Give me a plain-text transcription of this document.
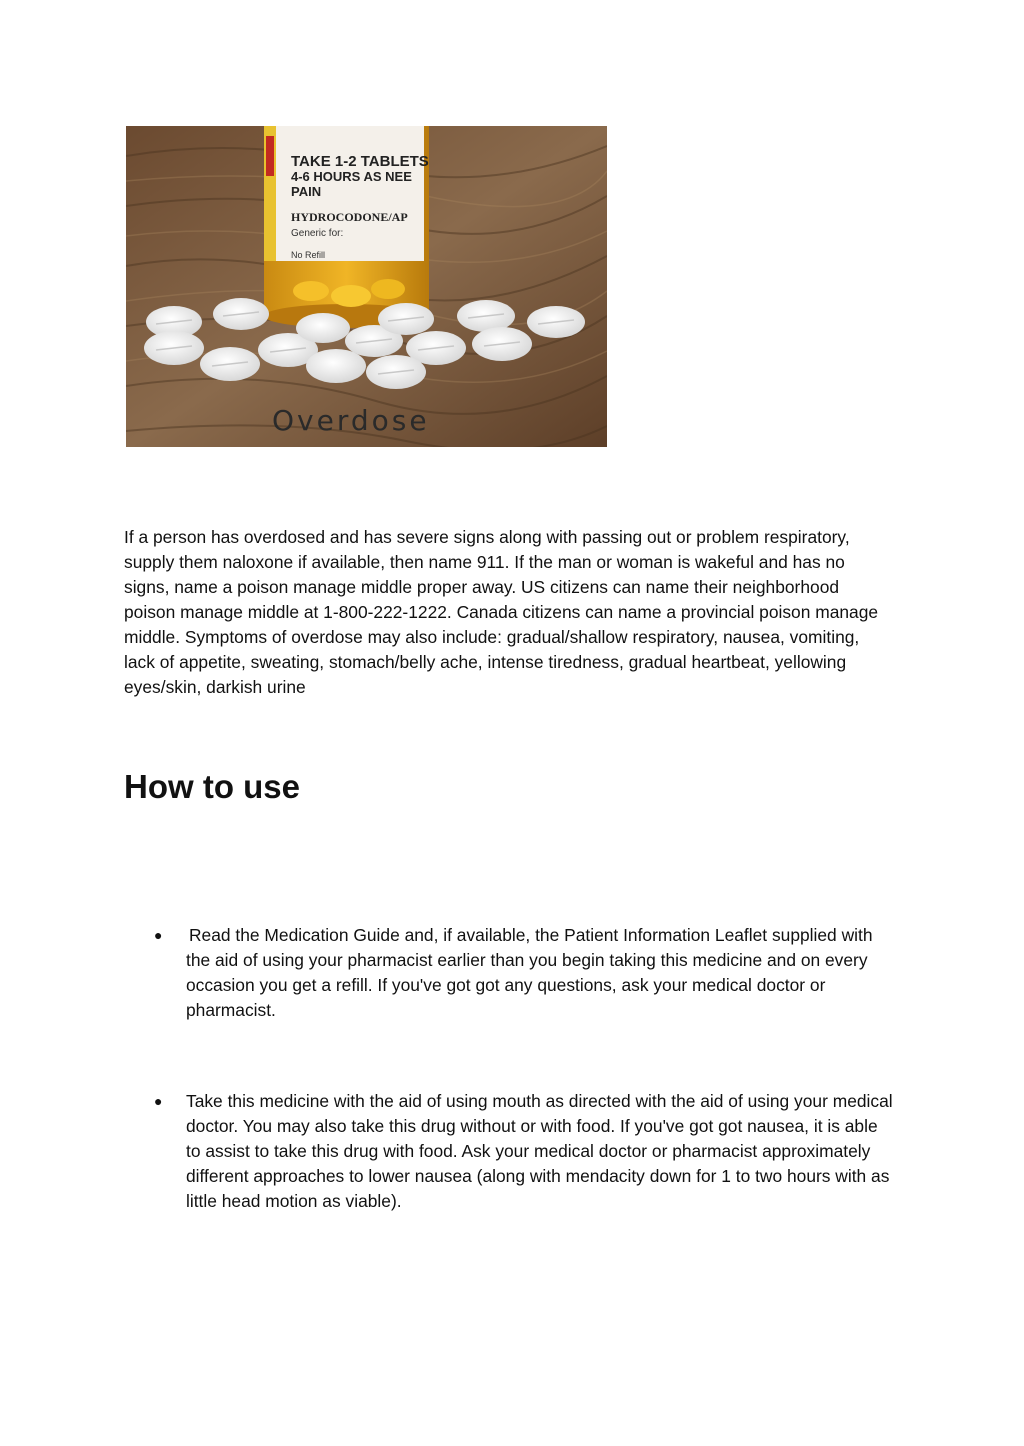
TAKE 1-2 TABLETS
4-6 HOURS AS NEE
PAIN
HYDROCODONE/AP
Generic for:
No Refill
Overdose

If a person has overdosed and has severe signs along with passing out or problem respiratory, supply them naloxone if available, then name 911. If the man or woman is wakeful and has no signs, name a poison manage middle proper away. US citizens can name their neighborhood poison manage middle at 1-800-222-1222. Canada citizens can name a provincial poison manage middle. Symptoms of overdose may also include: gradual/shallow respiratory, nausea, vomiting, lack of appetite, sweating, stomach/belly ache, intense tiredness, gradual heartbeat, yellowing eyes/skin, darkish urine

How to use
● Read the Medication Guide and, if available, the Patient Information Leaflet supplied with the aid of using your pharmacist earlier than you begin taking this medicine and on every occasion you get a refill. If you've got got any questions, ask your medical doctor or pharmacist.
● Take this medicine with the aid of using mouth as directed with the aid of using your medical doctor. You may also take this drug without or with food. If you've got got nausea, it is able to assist to take this drug with food. Ask your medical doctor or pharmacist approximately different approaches to lower nausea (along with mendacity down for 1 to two hours with as little head motion as viable).
